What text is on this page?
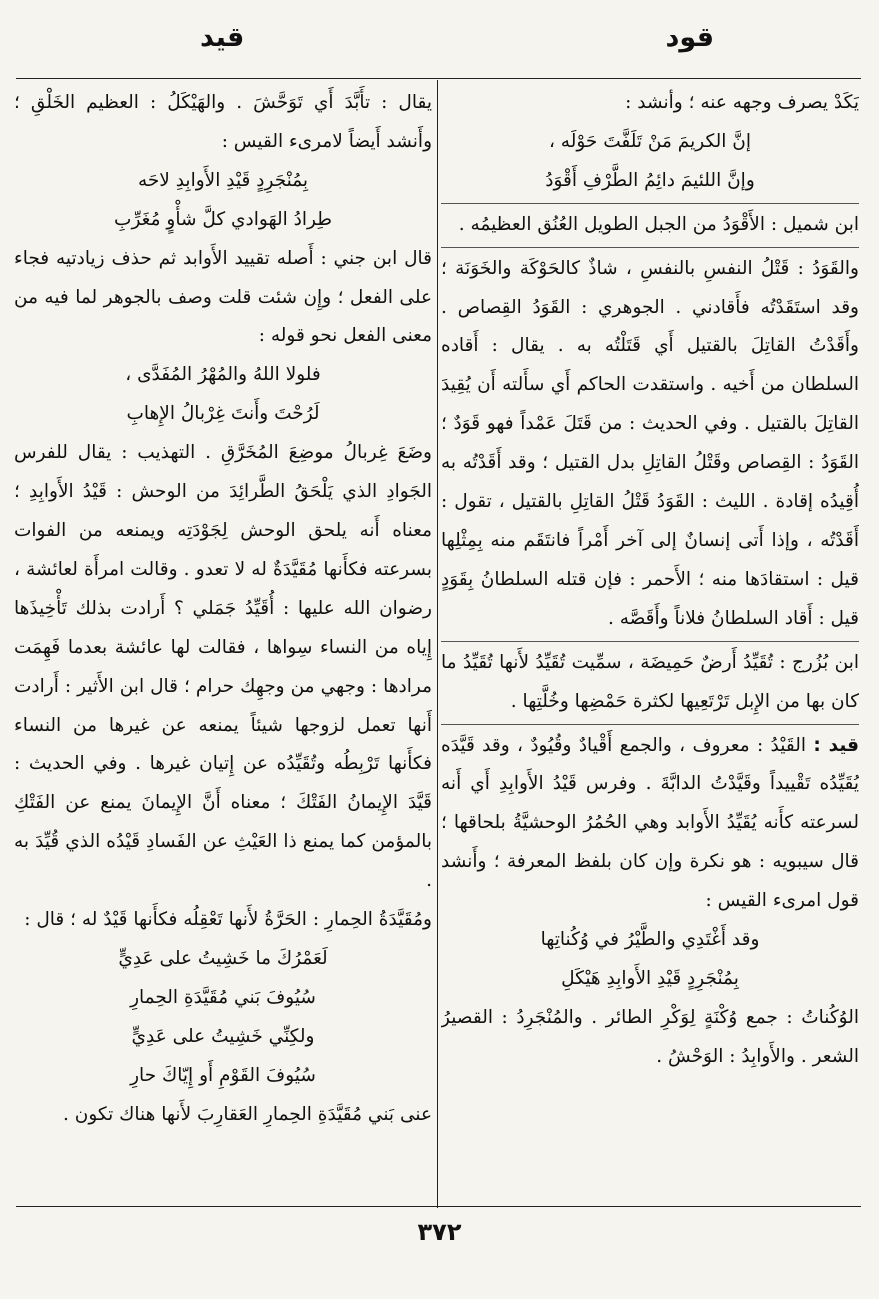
قود
قيد

يَكَدْ يصرف وجهه عنه ؛ وأنشد :

إنَّ الكريمَ مَنْ تَلَفَّتَ حَوْلَه ،

وإنَّ اللئيمَ دائِمُ الطَّرْفِ أَقْوَدُ

ابن شميل : الأَقْوَدُ من الجبل الطويل العُنُق العظيمُه .

والقَوَدُ : قَتْلُ النفسِ بالنفسِ ، شاذٌ كالحَوْكَة والخَوَنَة ؛ وقد استَقَدْتُه فأَقادني . الجوهري : القَوَدُ القِصاص . وأَقَدْتُ القاتِلَ بالقتيل أَي قَتَلْتُه به . يقال : أَقاده السلطان من أَخيه . واستقدت الحاكم أَي سأَلته أَن يُقِيدَ القاتِلَ بالقتيل . وفي الحديث : من قَتَلَ عَمْداً فهو قَوَدٌ ؛ القَوَدُ : القِصاص وقَتْلُ القاتِلِ بدل القتيل ؛ وقد أَقَدْتُه به أُقِيدُه إقادة . الليث : القَوَدُ قَتْلُ القاتِلِ بالقتيل ، تقول : أَقَدْتُه ، وإذا أَتى إنسانٌ إلى آخر أَمْراً فانتَقَم منه بِمِثْلِها قيل : استقادَها منه ؛ الأَحمر : فإن قتله السلطانُ بِقَوَدٍ قيل : أَقاد السلطانُ فلاناً وأَقَصَّه .

ابن بُزُرج : تُقَيِّدُ أَرضٌ حَمِيضَة ، سمِّيت تُقَيِّدُ لأَنها تُقَيِّدُ ما كان بها من الإِبل تَرْتَعِيها لكثرة حَمْضِها وخُلَّتِها .

قيد : القَيْدُ : معروف ، والجمع أَقْيادٌ وقُيُودٌ ، وقد قَيَّدَه يُقَيِّدُه تَقْييداً وقَيَّدْتُ الدابَّةَ . وفرس قَيْدُ الأَوابِدِ أَي أَنه لسرعته كأَنه يُقَيِّدُ الأَوابد وهي الحُمُرُ الوحشيَّةُ بلحاقها ؛ قال سيبويه : هو نكرة وإن كان بلفظ المعرفة ؛ وأَنشد قول امرىء القيس :

وقد أَغْتَدِي والطَّيْرُ في وُكُناتِها

بِمُنْجَرِدٍ قَيْدِ الأَوابِدِ هَيْكَلِ

الوُكُناتُ : جمع وُكْنَةٍ لِوَكْرِ الطائر . والمُنْجَرِدُ : القصيرُ الشعر . والأَوابِدُ : الوَحْشُ .

يقال : تأَبَّدَ أَي تَوَحَّشَ . والهَيْكَلُ : العظيم الخَلْقِ ؛ وأَنشد أَيضاً لامرىء القيس :

بِمُنْجَرِدٍ قَيْدِ الأَوابِدِ لاحَه

طِرادُ الهَوادي كلَّ شأْوٍ مُغَرِّبِ

قال ابن جني : أَصله تقييد الأَوابد ثم حذف زيادتيه فجاء على الفعل ؛ وإِن شئت قلت وصف بالجوهر لما فيه من معنى الفعل نحو قوله :

فلولا اللهُ والمُهْرُ المُفَدَّى ،

لَرُحْتَ وأَنتَ غِرْبالُ الإِهابِ

وضَعَ غِربالُ موضِعَ المُخَرَّقِ . التهذيب : يقال للفرس الجَوادِ الذي يَلْحَقُ الطَّرائِدَ من الوحش : قَيْدُ الأَوابِدِ ؛ معناه أَنه يلحق الوحش لِجَوْدَتِه ويمنعه من الفوات بسرعته فكأَنها مُقَيَّدَةٌ له لا تعدو . وقالت امرأَة لعائشة ، رضوان الله عليها : أُقَيِّدُ جَمَلي ؟ أَرادت بذلك تَأْخِيذَها إِياه من النساء سِواها ، فقالت لها عائشة بعدما فَهِمَت مرادها : وجهي من وجهِك حرام ؛ قال ابن الأَثير : أَرادت أَنها تعمل لزوجها شيئاً يمنعه عن غيرها من النساء فكأَنها تَرْبِطُه وتُقَيِّدُه عن إِتيان غيرها . وفي الحديث : قَيَّدَ الإِيمانُ الفَتْكَ ؛ معناه أَنَّ الإِيمانَ يمنع عن الفَتْكِ بالمؤمن كما يمنع ذا العَيْثِ عن الفَسادِ قَيْدُه الذي قُيِّدَ به .

ومُقَيَّدَةُ الحِمارِ : الحَرَّةُ لأَنها تَعْقِلُه فكأَنها قَيْدٌ له ؛ قال :

لَعَمْرُكَ ما خَشِيتُ على عَدِيٍّ

سُيُوفَ بَني مُقَيَّدَةِ الحِمارِ

ولكِنِّي خَشِيتُ على عَدِيٍّ

سُيُوفَ القَوْمِ أَو إِيّاكَ حارِ

عنى بَني مُقَيَّدَةِ الحِمارِ العَقارِبَ لأَنها هناك تكون .

٣٧٢
